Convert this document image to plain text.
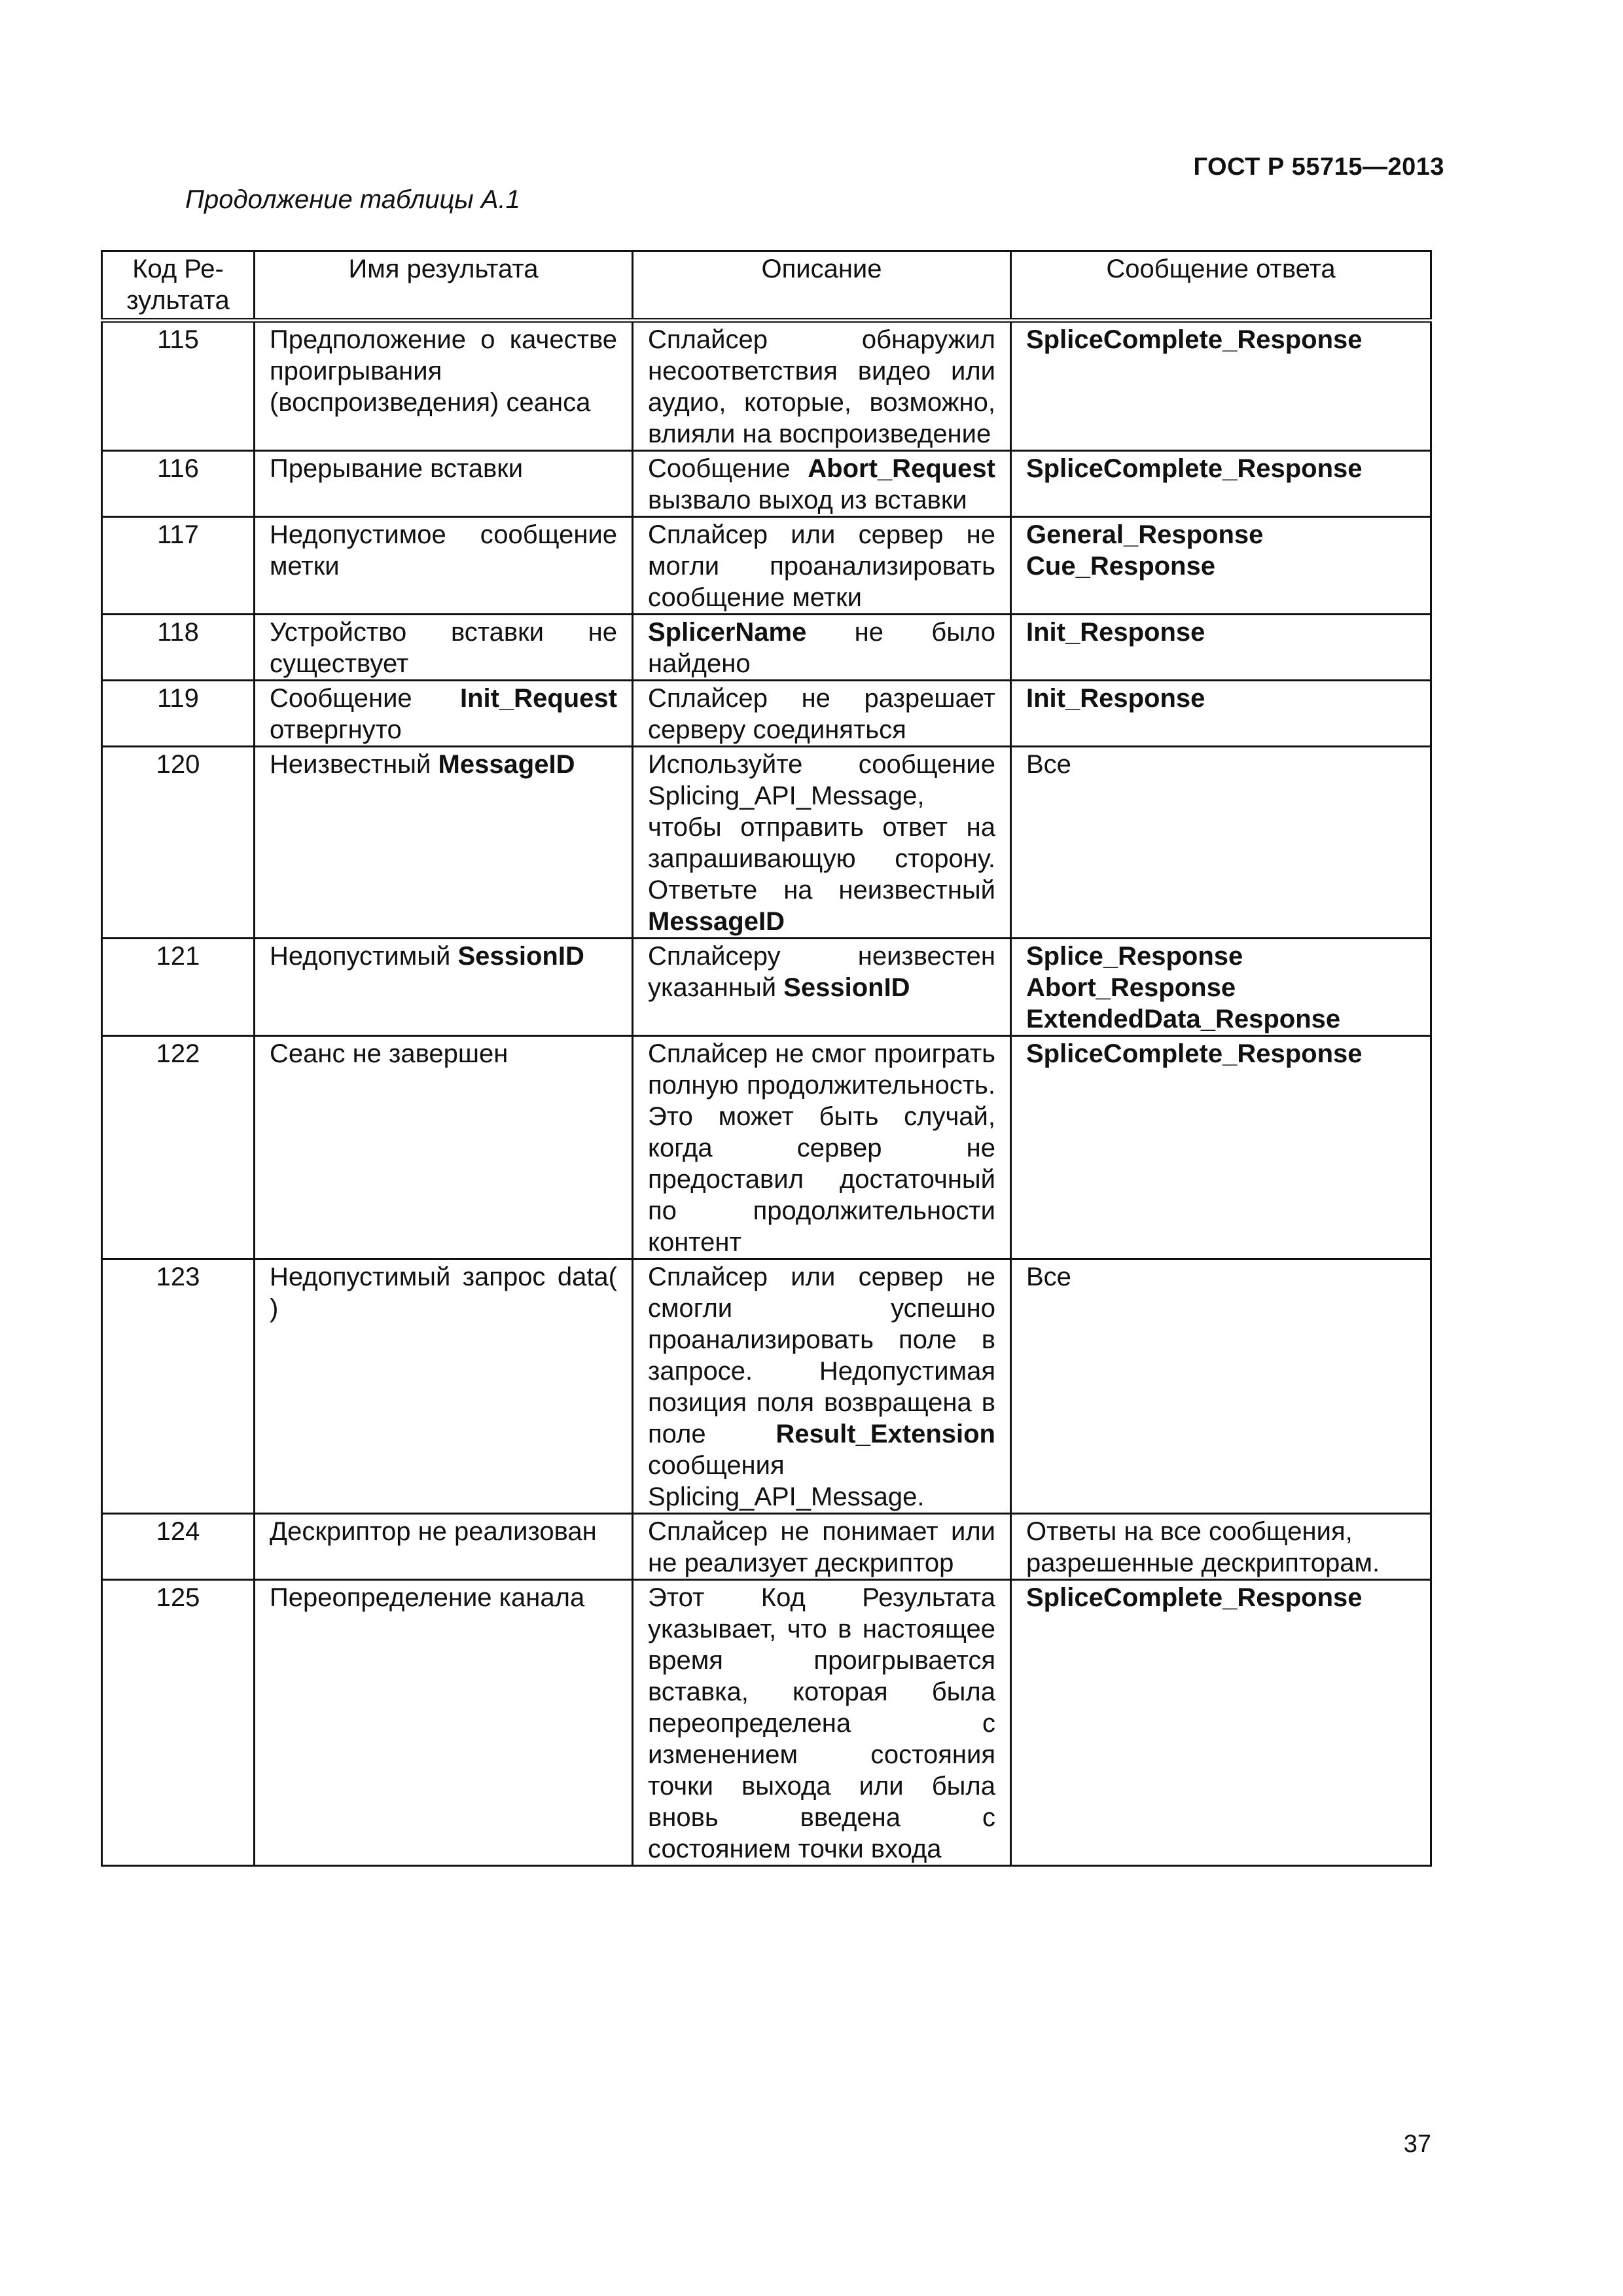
ГОСТ Р 55715—2013
Продолжение таблицы А.1
Код Ре-зультата	Имя результата	Описание	Сообщение ответа
115	Предположение о качестве проигрывания (воспроизведения) сеанса	Сплайсер обнаружил несоответствия видео или аудио, которые, возможно, влияли на воспроизведение	SpliceComplete_Response

116	Прерывание вставки	Сообщение Abort_Request вызвало выход из вставки	SpliceComplete_Response

117	Недопустимое сообщение метки	Сплайсер или сервер не могли проанализировать сообщение метки	General_Response
Cue_Response

118	Устройство вставки не существует	SplicerName не было найдено	Init_Response

119	Сообщение Init_Request отвергнуто	Сплайсер не разрешает серверу соединяться	Init_Response

120	Неизвестный MessageID	Используйте сообщение Splicing_API_Message, чтобы отправить ответ на запрашивающую сторону. Ответьте на неизвестный MessageID	Все
121	Недопустимый SessionID	Сплайсеру неизвестен указанный SessionID	Splice_Response
Abort_Response
ExtendedData_Response

122	Сеанс не завершен	Сплайсер не смог проиграть полную продолжительность. Это может быть случай, когда сервер не предоставил достаточный по продолжительности контент	SpliceComplete_Response

123	Недопустимый запрос data( )	Сплайсер или сервер не смогли успешно проанализировать поле в запросе. Недопустимая позиция поля возвращена в поле Result_Extension сообщения Splicing_API_Message.	Все
124	Дескриптор не реализован	Сплайсер не понимает или не реализует дескриптор	Ответы на все сообщения, разрешенные дескрипторам.
125	Переопределение канала	Этот Код Результата указывает, что в настоящее время проигрывается вставка, которая была переопределена с изменением состояния точки выхода или была вновь введена с состоянием точки входа	SpliceComplete_Response
37
